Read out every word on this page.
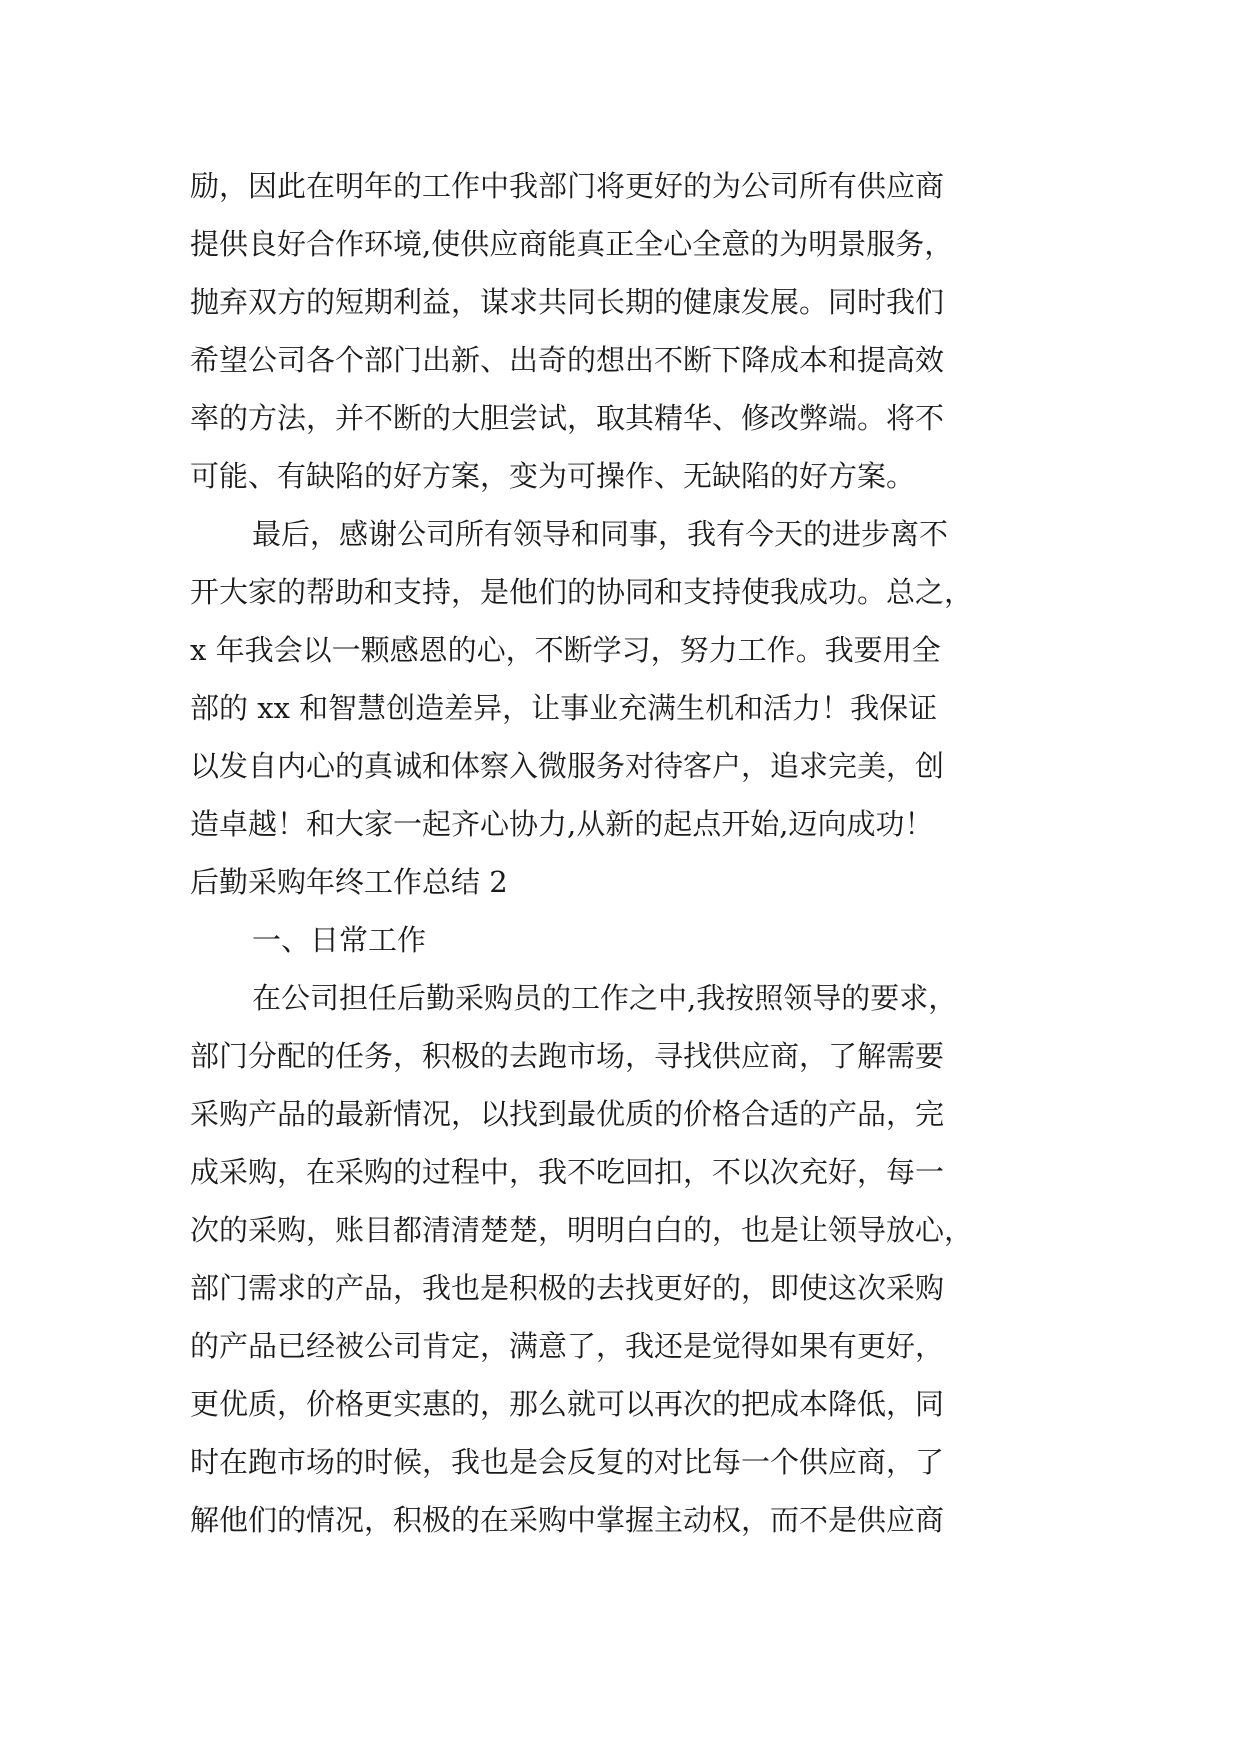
励，因此在明年的工作中我部门将更好的为公司所有供应商
提供良好合作环境,使供应商能真正全心全意的为明景服务，
抛弃双方的短期利益，谋求共同长期的健康发展。同时我们
希望公司各个部门出新、出奇的想出不断下降成本和提高效
率的方法，并不断的大胆尝试，取其精华、修改弊端。将不
可能、有缺陷的好方案，变为可操作、无缺陷的好方案。
最后，感谢公司所有领导和同事，我有今天的进步离不
开大家的帮助和支持，是他们的协同和支持使我成功。总之，
x 年我会以一颗感恩的心，不断学习，努力工作。我要用全
部的 xx 和智慧创造差异，让事业充满生机和活力！我保证
以发自内心的真诚和体察入微服务对待客户，追求完美，创
造卓越！和大家一起齐心协力,从新的起点开始,迈向成功！
后勤采购年终工作总结 2
一、日常工作
在公司担任后勤采购员的工作之中,我按照领导的要求，
部门分配的任务，积极的去跑市场，寻找供应商，了解需要
采购产品的最新情况，以找到最优质的价格合适的产品，完
成采购，在采购的过程中，我不吃回扣，不以次充好，每一
次的采购，账目都清清楚楚，明明白白的，也是让领导放心，
部门需求的产品，我也是积极的去找更好的，即使这次采购
的产品已经被公司肯定，满意了，我还是觉得如果有更好，
更优质，价格更实惠的，那么就可以再次的把成本降低，同
时在跑市场的时候，我也是会反复的对比每一个供应商，了
解他们的情况，积极的在采购中掌握主动权，而不是供应商
